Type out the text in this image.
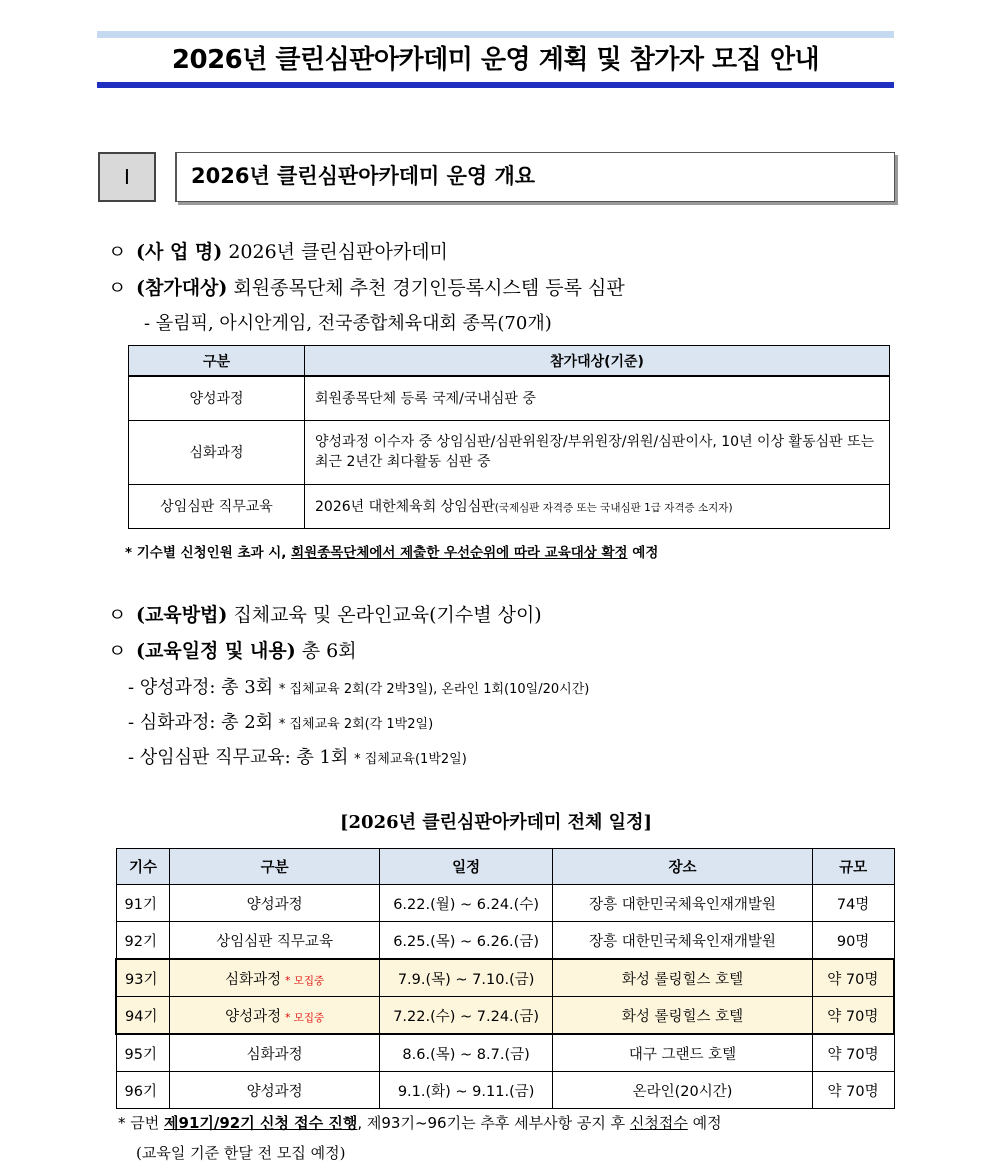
2026년 클린심판아카데미 운영 계획 및 참가자 모집 안내
Ⅰ	2026년 클린심판아카데미 운영 개요
ㅇ (사 업 명) 2026년 클린심판아카데미
ㅇ (참가대상) 회원종목단체 추천 경기인등록시스템 등록 심판
- 올림픽, 아시안게임, 전국종합체육대회 종목(70개)
구분	참가대상(기준)
양성과정	회원종목단체 등록 국제/국내심판 중
심화과정	양성과정 이수자 중 상임심판/심판위원장/부위원장/위원/심판이사, 10년 이상 활동심판 또는 최근 2년간 최다활동 심판 중
상임심판 직무교육	2026년 대한체육회 상임심판(국제심판 자격증 또는 국내심판 1급 자격증 소지자)
* 기수별 신청인원 초과 시, 회원종목단체에서 제출한 우선순위에 따라 교육대상 확정 예정
ㅇ (교육방법) 집체교육 및 온라인교육(기수별 상이)
ㅇ (교육일정 및 내용) 총 6회
- 양성과정: 총 3회 * 집체교육 2회(각 2박3일), 온라인 1회(10일/20시간)
- 심화과정: 총 2회 * 집체교육 2회(각 1박2일)
- 상임심판 직무교육: 총 1회 * 집체교육(1박2일)
[2026년 클린심판아카데미 전체 일정]
기수	구분	일정	장소	규모
91기	양성과정	6.22.(월) ~ 6.24.(수)	장흥 대한민국체육인재개발원	74명
92기	상임심판 직무교육	6.25.(목) ~ 6.26.(금)	장흥 대한민국체육인재개발원	90명
93기	심화과정 * 모집중	7.9.(목) ~ 7.10.(금)	화성 롤링힐스 호텔	약 70명
94기	양성과정 * 모집중	7.22.(수) ~ 7.24.(금)	화성 롤링힐스 호텔	약 70명
95기	심화과정	8.6.(목) ~ 8.7.(금)	대구 그랜드 호텔	약 70명
96기	양성과정	9.1.(화) ~ 9.11.(금)	온라인(20시간)	약 70명
* 금번 제91기/92기 신청 접수 진행, 제93기~96기는 추후 세부사항 공지 후 신청접수 예정
(교육일 기준 한달 전 모집 예정)
